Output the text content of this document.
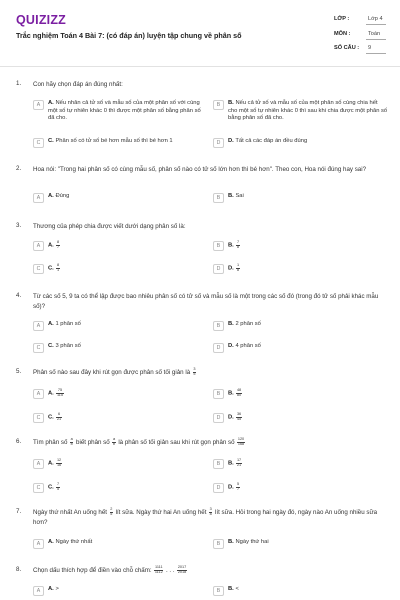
QUIZIZZ
Trắc nghiệm Toán 4 Bài 7: (có đáp án) luyện tập chung về phân số
LỚP :	Lớp 4
MÔN :	Toán
SỐ CÂU : 9
1. Con hãy chọn đáp án đúng nhất:
A	A. Nếu nhân cả tử số và mẫu số của một phân số với cùng một số tự nhiên khác 0 thì được một phân số bằng phân số đã cho.
B	B. Nếu cả tử số và mẫu số của một phân số cùng chia hết cho một số tự nhiên khác 0 thì sau khi chia được một phân số bằng phân số đã cho.
C	C. Phân số có tử số bé hơn mẫu số thì bé hơn 1	D	D. Tất cả các đáp án đều đúng
2. Hoa nói: "Trong hai phân số có cùng mẫu số, phân số nào có tử số lớn hơn thì bé hơn". Theo con, Hoa nói đúng hay sai?
A	A. Đúng	B	B. Sai
3. Thương của phép chia được viết dưới dạng phân số là:
A	A. $\frac{8}{7}$	B	B. $\frac{7}{8}$
C	C. $\frac{8}{1}$	D	D. $\frac{1}{8}$
4. Từ các số 5, 9 ta có thể lập được bao nhiêu phân số có tử số và mẫu số là một trong các số đó (trong đó tử số phải khác mẫu số)?
A	A. 1 phân số	B	B. 2 phân số
C	C. 3 phân số	D	D. 4 phân số
5. Phân số nào sau đây khi rút gọn được phân số tối giản là $\frac{3}{5}$
A	A. $\frac{75}{115}$	B	B. $\frac{48}{80}$
C	C. $\frac{6}{21}$	D	D. $\frac{36}{45}$
6. Tìm phân số $\frac{a}{b}$ biết phân số $\frac{a}{b}$ là phân số tối giản sau khi rút gọn phân số $\frac{120}{168}$
A	A. $\frac{12}{16}$	B	B. $\frac{17}{21}$
C	C. $\frac{7}{5}$	D	D. $\frac{5}{7}$
7. Ngày thứ nhất An uống hết $\frac{2}{5}$ lít sữa. Ngày thứ hai An uống hết $\frac{3}{8}$ lít sữa. Hỏi trong hai ngày đó, ngày nào An uống nhiều sữa hơn?
A	A. Ngày thứ nhất	B	B. Ngày thứ hai
8. Chọn dấu thích hợp để điền vào chỗ chấm: $\frac{1111}{1112}$ . . . $\frac{2017}{2018}$
A	A. >	B	B. <
